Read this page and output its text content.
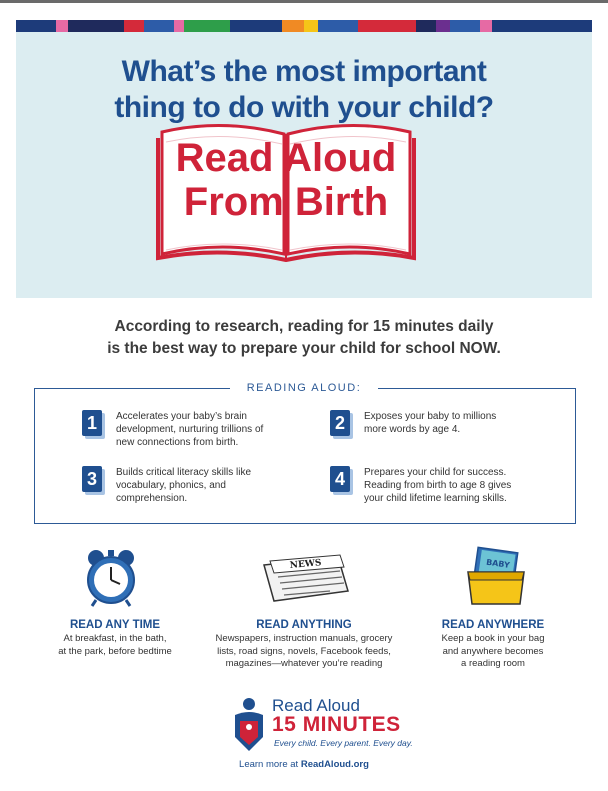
What’s the most important
thing to do with your child?
Read Aloud
From Birth
According to research, reading for 15 minutes daily
is the best way to prepare your child for school NOW.
READING ALOUD:
1	Accelerates your baby’s brain development, nurturing trillions of new connections from birth.
2	Exposes your baby to millions more words by age 4.
3	Builds critical literacy skills like vocabulary, phonics, and comprehension.
4	Prepares your child for success. Reading from birth to age 8 gives your child lifetime learning skills.
READ ANY TIME
At breakfast, in the bath,
at the park, before bedtime
NEWS
READ ANYTHING
Newspapers, instruction manuals, grocery
lists, road signs, novels, Facebook feeds,
magazines—whatever you’re reading
BABY
READ ANYWHERE
Keep a book in your bag
and anywhere becomes
a reading room
Read Aloud
15 MINUTES
Every child. Every parent. Every day.
Learn more at ReadAloud.org
